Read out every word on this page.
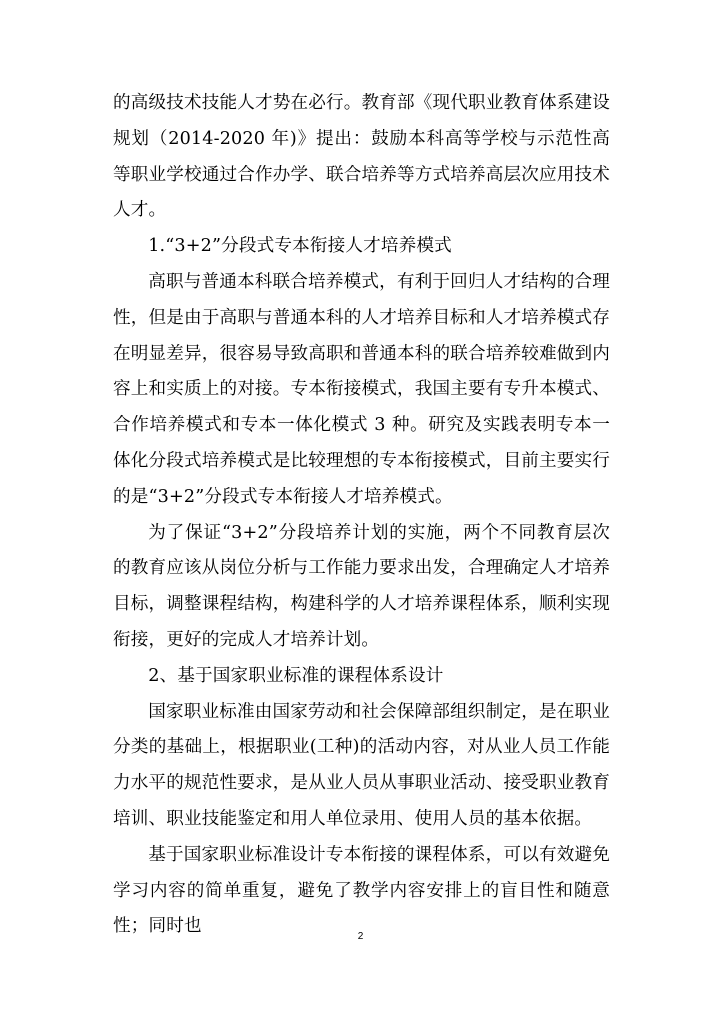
的高级技术技能人才势在必行。教育部《现代职业教育体系建设规划（2014-2020 年)》提出：鼓励本科高等学校与示范性高等职业学校通过合作办学、联合培养等方式培养高层次应用技术人才。

1.“3+2”分段式专本衔接人才培养模式

高职与普通本科联合培养模式，有利于回归人才结构的合理性，但是由于高职与普通本科的人才培养目标和人才培养模式存在明显差异，很容易导致高职和普通本科的联合培养较难做到内容上和实质上的对接。专本衔接模式，我国主要有专升本模式、合作培养模式和专本一体化模式 3 种。研究及实践表明专本一体化分段式培养模式是比较理想的专本衔接模式，目前主要实行的是“3+2”分段式专本衔接人才培养模式。

为了保证“3+2”分段培养计划的实施，两个不同教育层次的教育应该从岗位分析与工作能力要求出发，合理确定人才培养目标，调整课程结构，构建科学的人才培养课程体系，顺利实现衔接，更好的完成人才培养计划。

2、基于国家职业标准的课程体系设计

国家职业标准由国家劳动和社会保障部组织制定，是在职业分类的基础上，根据职业(工种)的活动内容，对从业人员工作能力水平的规范性要求，是从业人员从事职业活动、接受职业教育培训、职业技能鉴定和用人单位录用、使用人员的基本依据。

基于国家职业标准设计专本衔接的课程体系，可以有效避免学习内容的简单重复，避免了教学内容安排上的盲目性和随意性；同时也

2
